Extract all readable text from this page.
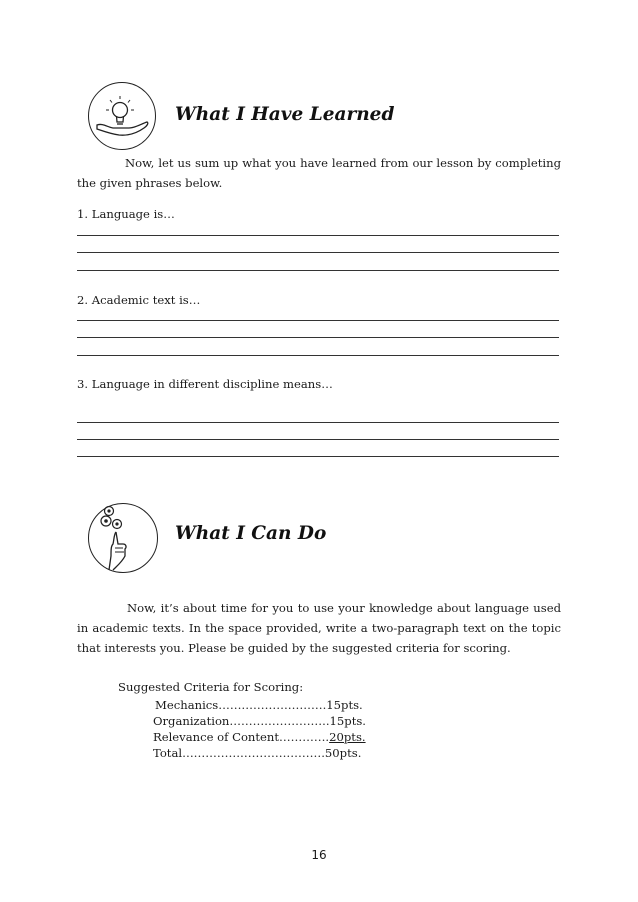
What I Have Learned
Now, let us sum up what you have learned from our lesson by completing the given phrases below.
1. Language is…
2. Academic text is…
3. Language in different discipline means…
What I Can Do
Now, it’s about time for you to use your knowledge about language used in academic texts. In the space provided, write a two-paragraph text on the topic that interests you. Please be guided by the suggested criteria for scoring.
Suggested Criteria for Scoring:
Mechanics……………………….15pts.
Organization……………………..15pts.
Relevance of Content………….20pts.
Total……………………………….50pts.
16
